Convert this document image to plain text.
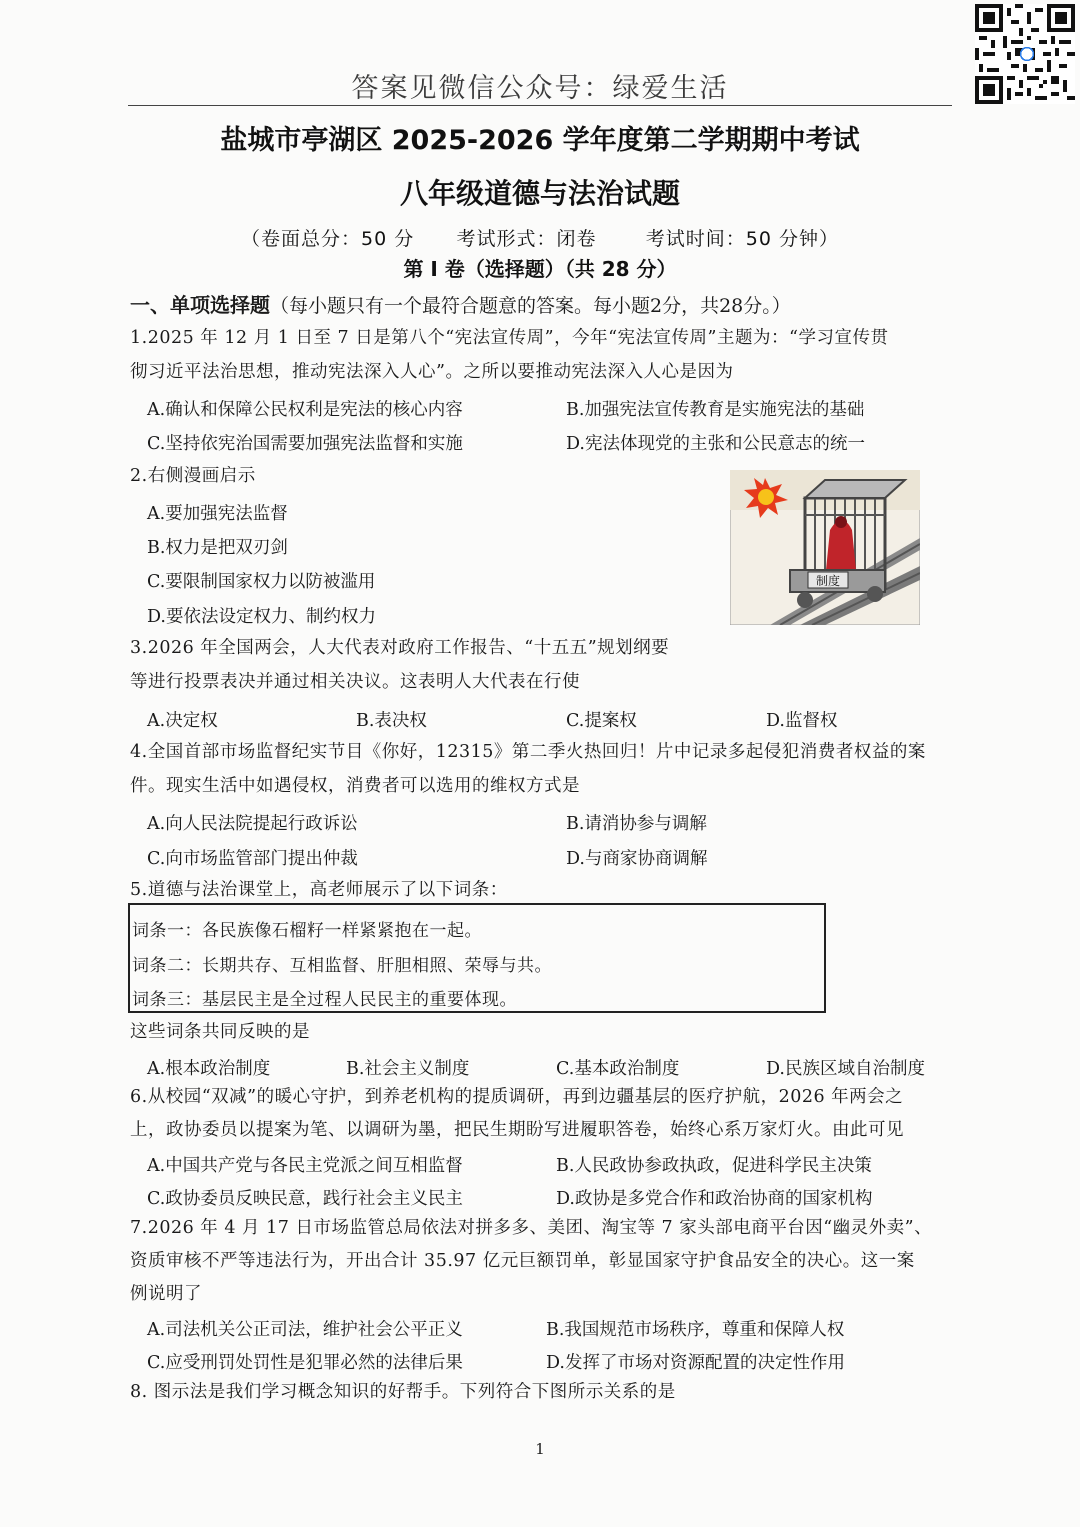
答案见微信公众号：绿爱生活
盐城市亭湖区 2025-2026 学年度第二学期期中考试
八年级道德与法治试题
（卷面总分：50 分      考试形式：闭卷       考试时间：50 分钟）
第 I 卷（选择题）（共 28 分）
一、单项选择题（每小题只有一个最符合题意的答案。每小题2分，共28分。）
1.2025 年 12 月 1 日至 7 日是第八个“宪法宣传周”，今年“宪法宣传周”主题为：“学习宣传贯
彻习近平法治思想，推动宪法深入人心”。之所以要推动宪法深入人心是因为
A.确认和保障公民权利是宪法的核心内容	B.加强宪法宣传教育是实施宪法的基础
C.坚持依宪治国需要加强宪法监督和实施	D.宪法体现党的主张和公民意志的统一
2.右侧漫画启示
A.要加强宪法监督
B.权力是把双刃剑
C.要限制国家权力以防被滥用
D.要依法设定权力、制约权力
制度
3.2026 年全国两会，人大代表对政府工作报告、“十五五”规划纲要
等进行投票表决并通过相关决议。这表明人大代表在行使
A.决定权	B.表决权	C.提案权	D.监督权
4.全国首部市场监督纪实节目《你好，12315》第二季火热回归！片中记录多起侵犯消费者权益的案
件。现实生活中如遇侵权，消费者可以选用的维权方式是
A.向人民法院提起行政诉讼	B.请消协参与调解
C.向市场监管部门提出仲裁	D.与商家协商调解
5.道德与法治课堂上，高老师展示了以下词条：
词条一：各民族像石榴籽一样紧紧抱在一起。
词条二：长期共存、互相监督、肝胆相照、荣辱与共。
词条三：基层民主是全过程人民民主的重要体现。
这些词条共同反映的是
A.根本政治制度	B.社会主义制度	C.基本政治制度	D.民族区域自治制度
6.从校园“双减”的暖心守护，到养老机构的提质调研，再到边疆基层的医疗护航，2026 年两会之
上，政协委员以提案为笔、以调研为墨，把民生期盼写进履职答卷，始终心系万家灯火。由此可见
A.中国共产党与各民主党派之间互相监督	B.人民政协参政执政，促进科学民主决策
C.政协委员反映民意，践行社会主义民主	D.政协是多党合作和政治协商的国家机构
7.2026 年 4 月 17 日市场监管总局依法对拼多多、美团、淘宝等 7 家头部电商平台因“幽灵外卖”、
资质审核不严等违法行为，开出合计 35.97 亿元巨额罚单，彰显国家守护食品安全的决心。这一案
例说明了
A.司法机关公正司法，维护社会公平正义	B.我国规范市场秩序，尊重和保障人权
C.应受刑罚处罚性是犯罪必然的法律后果	D.发挥了市场对资源配置的决定性作用
8. 图示法是我们学习概念知识的好帮手。下列符合下图所示关系的是
1
